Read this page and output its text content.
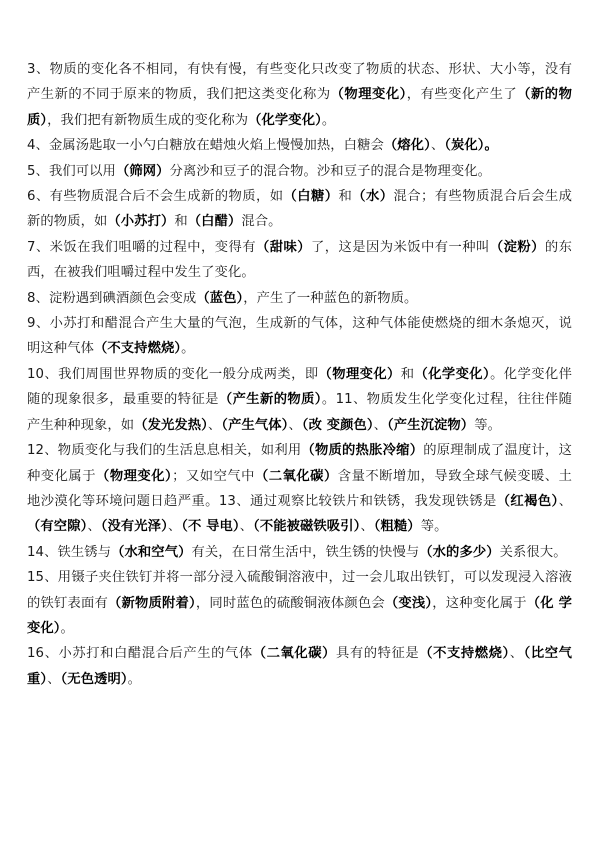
3、物质的变化各不相同，有快有慢，有些变化只改变了物质的状态、形状、大小等，没有 产生新的不同于原来的物质，我们把这类变化称为（物理变化），有些变化产生了（新的物 质），我们把有新物质生成的变化称为（化学变化）。

4、金属汤匙取一小勺白糖放在蜡烛火焰上慢慢加热，白糖会（熔化）、（炭化）。

5、我们可以用（筛网）分离沙和豆子的混合物。沙和豆子的混合是物理变化。

6、有些物质混合后不会生成新的物质，如（白糖）和（水）混合；有些物质混合后会生成 新的物质，如（小苏打）和（白醋）混合。

7、米饭在我们咀嚼的过程中，变得有（甜味）了，这是因为米饭中有一种叫（淀粉）的东 西，在被我们咀嚼过程中发生了变化。

8、淀粉遇到碘酒颜色会变成（蓝色），产生了一种蓝色的新物质。

9、小苏打和醋混合产生大量的气泡，生成新的气体，这种气体能使燃烧的细木条熄灭，说 明这种气体（不支持燃烧）。

10、我们周围世界物质的变化一般分成两类，即（物理变化）和（化学变化）。化学变化伴 随的现象很多，最重要的特征是（产生新的物质）。11、物质发生化学变化过程，往往伴随产生种种现象，如（发光发热）、（产生气体）、（改 变颜色）、（产生沉淀物）等。

12、物质变化与我们的生活息息相关，如利用（物质的热胀冷缩）的原理制成了温度计，这 种变化属于（物理变化）；又如空气中（二氧化碳）含量不断增加，导致全球气候变暖、土 地沙漠化等环境问题日趋严重。13、通过观察比较铁片和铁锈，我发现铁锈是（红褐色）、（有空隙）、（没有光泽）、（不 导电）、（不能被磁铁吸引）、（粗糙）等。

14、铁生锈与（水和空气）有关，在日常生活中，铁生锈的快慢与（水的多少）关系很大。

15、用镊子夹住铁钉并将一部分浸入硫酸铜溶液中，过一会儿取出铁钉，可以发现浸入溶液 的铁钉表面有（新物质附着），同时蓝色的硫酸铜液体颜色会（变浅），这种变化属于（化 学变化）。

16、小苏打和白醋混合后产生的气体（二氧化碳）具有的特征是（不支持燃烧）、（比空气 重）、（无色透明）。
